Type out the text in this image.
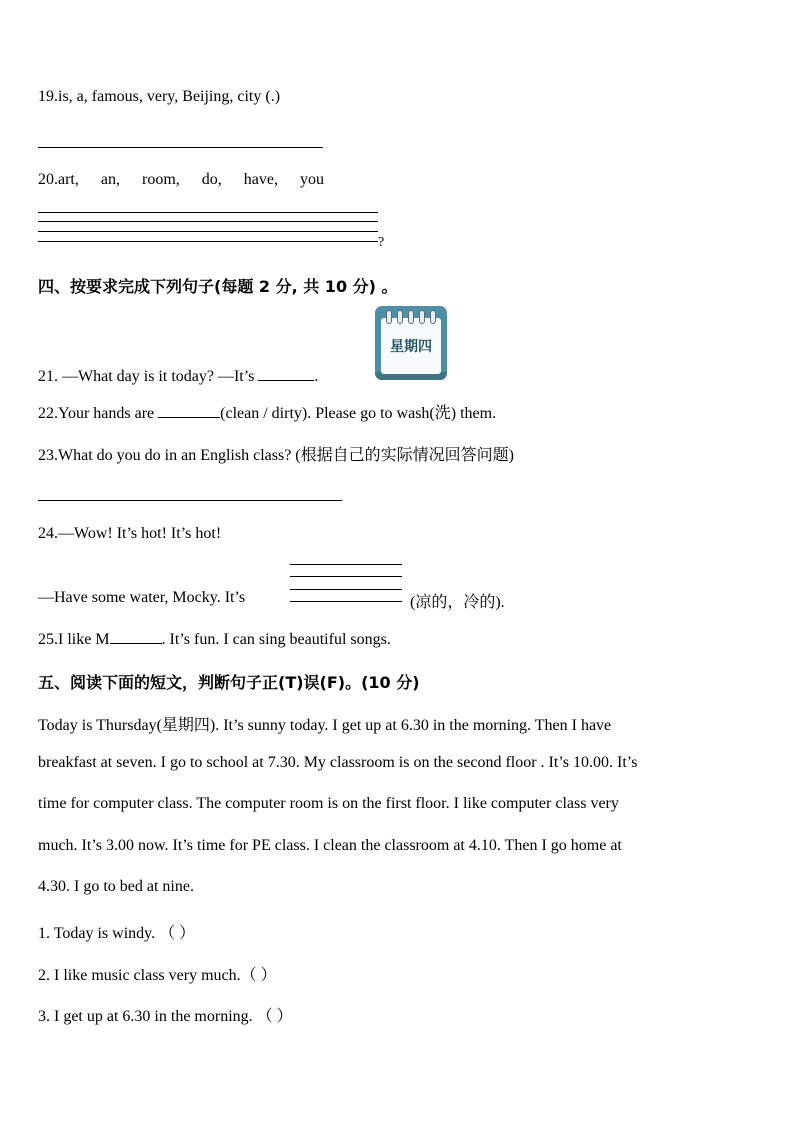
19.is, a, famous, very, Beijing, city (.)
20.art, an, room, do, have, you
?
四、按要求完成下列句子(每题 2 分, 共 10 分) 。
星期四
21. —What day is it today? —It’s	.
22.Your hands are	(clean / dirty). Please go to wash(洗) them.
23.What do you do in an English class? (根据自己的实际情况回答问题)
24.—Wow! It’s hot! It’s hot!
—Have some water, Mocky. It’s	(凉的，冷的).
25.I like M	. It’s fun. I can sing beautiful songs.
五、阅读下面的短文，判断句子正(T)误(F)。(10 分)
Today is Thursday(星期四). It’s sunny today. I get up at 6.30 in the morning. Then I have
breakfast at seven. I go to school at 7.30. My classroom is on the second floor . It’s 10.00. It’s
time for computer class. The computer room is on the first floor. I like computer class very
much. It’s 3.00 now. It’s time for PE class. I clean the classroom at 4.10. Then I go home at
4.30. I go to bed at nine.
1. Today is windy. （ ）
2. I like music class very much.（ ）
3. I get up at 6.30 in the morning. （ ）
